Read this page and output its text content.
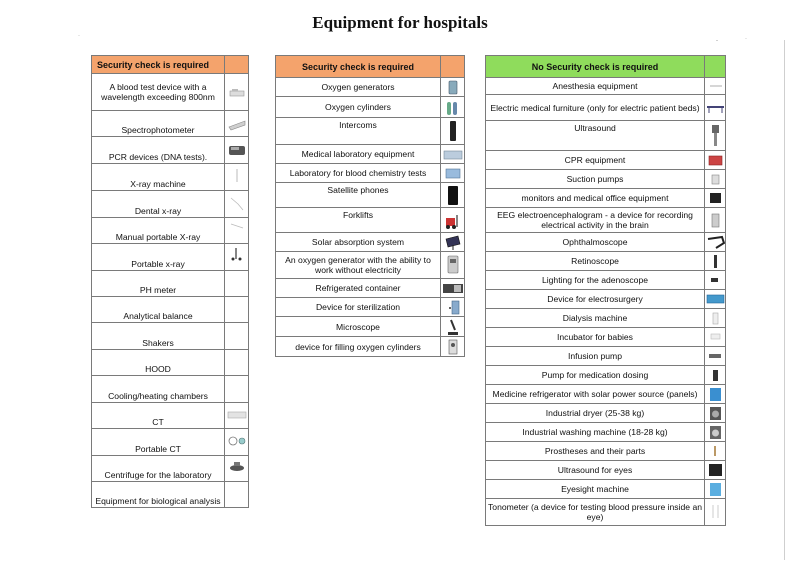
Equipment for hospitals
·
-	·
Security check is required	
A blood test device with a wavelength exceeding 800nm	

Spectrophotometer	

PCR devices (DNA tests).	

X-ray machine	

Dental x-ray	

Manual portable X-ray	

Portable x-ray	

PH meter	
Analytical balance	
Shakers	
HOOD	
Cooling/heating chambers	
CT	

Portable CT	

Centrifuge for the laboratory	

Equipment for biological analysis	
Security check is required	
Oxygen generators	

Oxygen cylinders	

Intercoms	

Medical laboratory equipment	

Laboratory for blood chemistry tests	

Satellite phones	

Forklifts	

Solar absorption system	

An oxygen generator with the ability to work without electricity	

Refrigerated container	

Device for sterilization	

Microscope	

device for filling oxygen cylinders	
No Security check is required	
Anesthesia equipment	

Electric medical furniture (only for electric patient beds)	

Ultrasound	

CPR equipment	

Suction pumps	

monitors and medical office equipment	

EEG electroencephalogram - a device for recording electrical activity in the brain	

Ophthalmoscope	

Retinoscope	

Lighting for the adenoscope	

Device for electrosurgery	

Dialysis machine	

Incubator for babies	

Infusion pump	

Pump for medication dosing	

Medicine refrigerator with solar power source (panels)	

Industrial dryer (25-38 kg)	

Industrial washing machine (18-28 kg)	

Prostheses and their parts	

Ultrasound for eyes	

Eyesight machine	

Tonometer (a device for testing blood pressure inside an eye)	
